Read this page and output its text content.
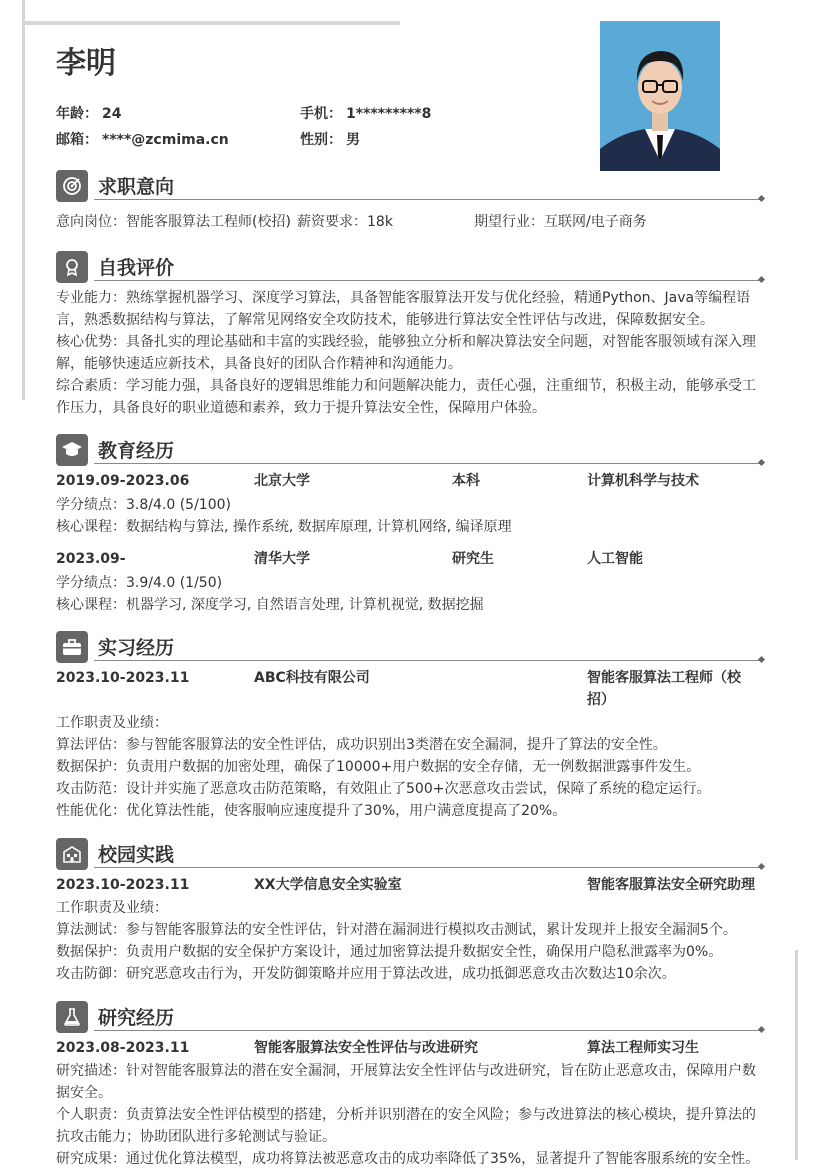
李明
年龄： 24	手机： 1*********8
邮箱： ****@zcmima.cn	性别： 男
求职意向
意向岗位：智能客服算法工程师(校招) 薪资要求：18k	期望行业：互联网/电子商务
自我评价

专业能力：熟练掌握机器学习、深度学习算法，具备智能客服算法开发与优化经验，精通Python、Java等编程语

言，熟悉数据结构与算法，了解常见网络安全攻防技术，能够进行算法安全性评估与改进，保障数据安全。

核心优势：具备扎实的理论基础和丰富的实践经验，能够独立分析和解决算法安全问题，对智能客服领域有深入理

解，能够快速适应新技术，具备良好的团队合作精神和沟通能力。

综合素质：学习能力强，具备良好的逻辑思维能力和问题解决能力，责任心强，注重细节，积极主动，能够承受工

作压力，具备良好的职业道德和素养，致力于提升算法安全性，保障用户体验。

教育经历
2019.09-2023.06	北京大学	本科	计算机科学与技术

学分绩点：3.8/4.0 (5/100)

核心课程：数据结构与算法, 操作系统, 数据库原理, 计算机网络, 编译原理

2023.09-	清华大学	研究生	人工智能

学分绩点：3.9/4.0 (1/50)

核心课程：机器学习, 深度学习, 自然语言处理, 计算机视觉, 数据挖掘

实习经历
2023.10-2023.11	ABC科技有限公司	智能客服算法工程师（校
招）

工作职责及业绩：

算法评估：参与智能客服算法的安全性评估，成功识别出3类潜在安全漏洞，提升了算法的安全性。

数据保护：负责用户数据的加密处理，确保了10000+用户数据的安全存储，无一例数据泄露事件发生。

攻击防范：设计并实施了恶意攻击防范策略，有效阻止了500+次恶意攻击尝试，保障了系统的稳定运行。

性能优化：优化算法性能，使客服响应速度提升了30%，用户满意度提高了20%。

校园实践
2023.10-2023.11	XX大学信息安全实验室	智能客服算法安全研究助理

工作职责及业绩：

算法测试：参与智能客服算法的安全性评估，针对潜在漏洞进行模拟攻击测试，累计发现并上报安全漏洞5个。

数据保护：负责用户数据的安全保护方案设计，通过加密算法提升数据安全性，确保用户隐私泄露率为0%。

攻击防御：研究恶意攻击行为，开发防御策略并应用于算法改进，成功抵御恶意攻击次数达10余次。

研究经历
2023.08-2023.11	智能客服算法安全性评估与改进研究	算法工程师实习生

研究描述：针对智能客服算法的潜在安全漏洞，开展算法安全性评估与改进研究，旨在防止恶意攻击，保障用户数

据安全。

个人职责：负责算法安全性评估模型的搭建，分析并识别潜在的安全风险；参与改进算法的核心模块，提升算法的

抗攻击能力；协助团队进行多轮测试与验证。

研究成果：通过优化算法模型，成功将算法被恶意攻击的成功率降低了35%，显著提升了智能客服系统的安全性。
